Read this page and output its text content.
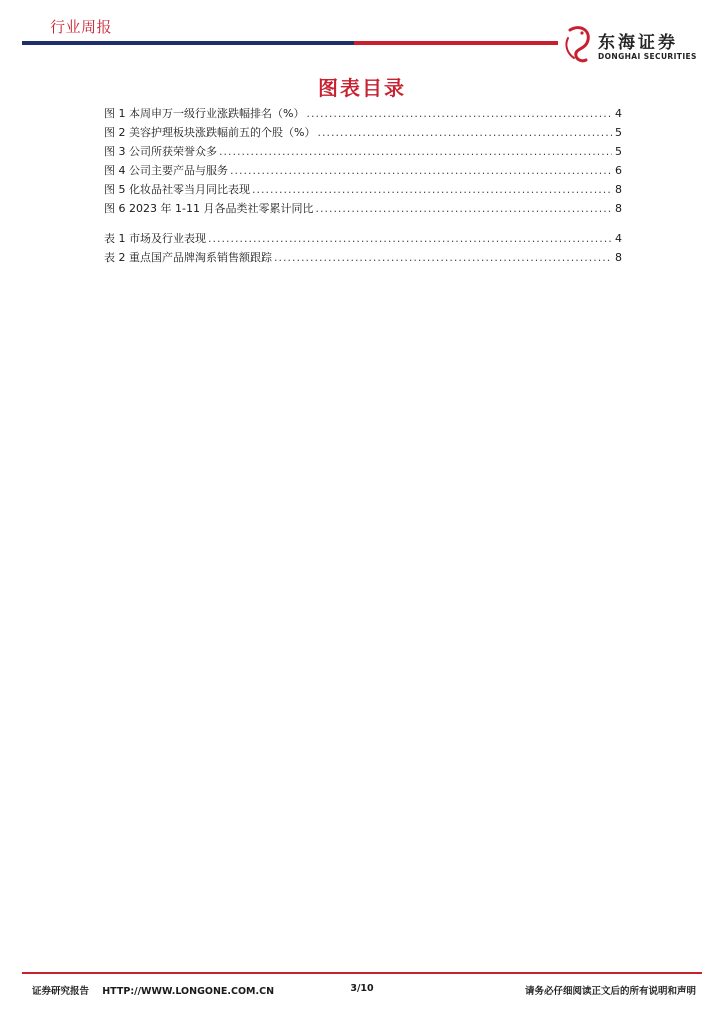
行业周报
东海证券
DONGHAI SECURITIES
图表目录
图 1 本周申万一级行业涨跌幅排名（%） .....	4
图 2 美容护理板块涨跌幅前五的个股（%） .....	5
图 3 公司所获荣誉众多 .....	5
图 4 公司主要产品与服务 .....	6
图 5 化妆品社零当月同比表现 .....	8
图 6 2023 年 1-11 月各品类社零累计同比 .....	8
表 1 市场及行业表现 .....	4
表 2 重点国产品牌淘系销售额跟踪 .....	8
证券研究报告    HTTP://WWW.LONGONE.COM.CN	3/10	请务必仔细阅读正文后的所有说明和声明
